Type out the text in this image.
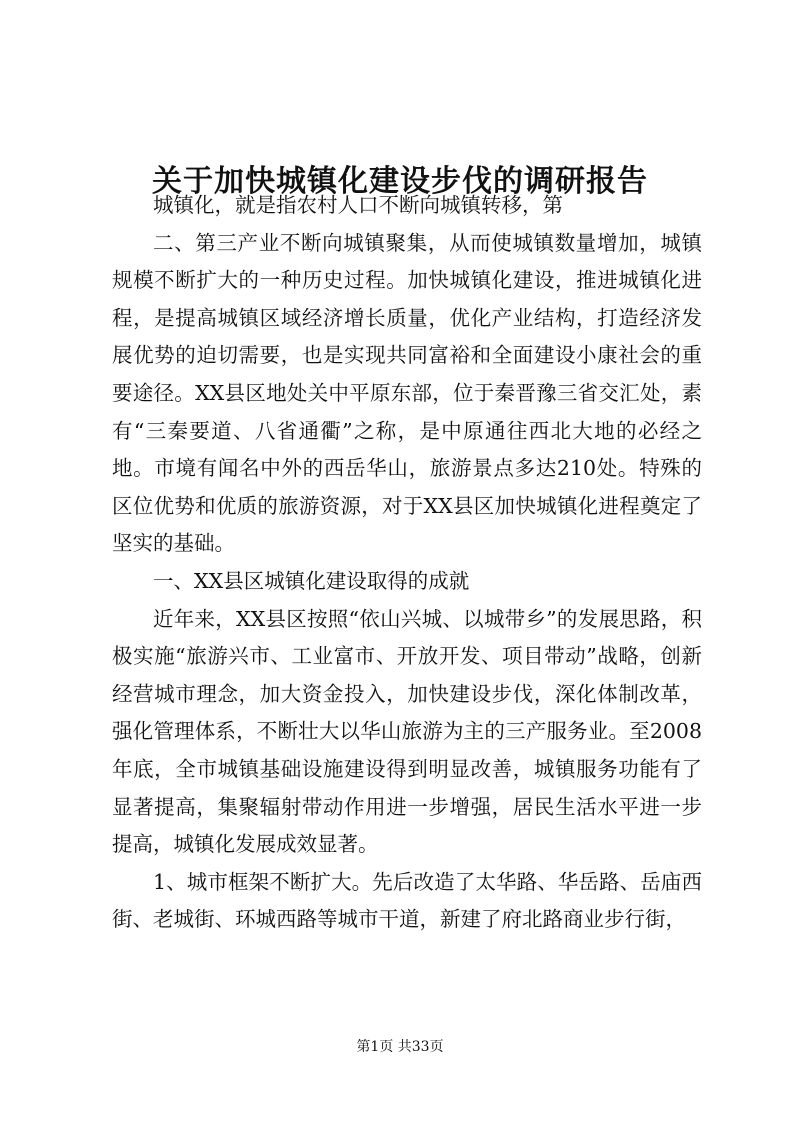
关于加快城镇化建设步伐的调研报告

城镇化，就是指农村人口不断向城镇转移，第

二、第三产业不断向城镇聚集，从而使城镇数量增加，城镇规模不断扩大的一种历史过程。加快城镇化建设，推进城镇化进程，是提高城镇区域经济增长质量，优化产业结构，打造经济发展优势的迫切需要，也是实现共同富裕和全面建设小康社会的重要途径。XX县区地处关中平原东部，位于秦晋豫三省交汇处，素有“三秦要道、八省通衢”之称，是中原通往西北大地的必经之地。市境有闻名中外的西岳华山，旅游景点多达210处。特殊的区位优势和优质的旅游资源，对于XX县区加快城镇化进程奠定了坚实的基础。

一、XX县区城镇化建设取得的成就

近年来，XX县区按照“依山兴城、以城带乡”的发展思路，积极实施“旅游兴市、工业富市、开放开发、项目带动”战略，创新经营城市理念，加大资金投入，加快建设步伐，深化体制改革，强化管理体系，不断壮大以华山旅游为主的三产服务业。至2008年底，全市城镇基础设施建设得到明显改善，城镇服务功能有了显著提高，集聚辐射带动作用进一步增强，居民生活水平进一步提高，城镇化发展成效显著。

1、城市框架不断扩大。先后改造了太华路、华岳路、岳庙西街、老城街、环城西路等城市干道，新建了府北路商业步行街，

第1页 共33页
